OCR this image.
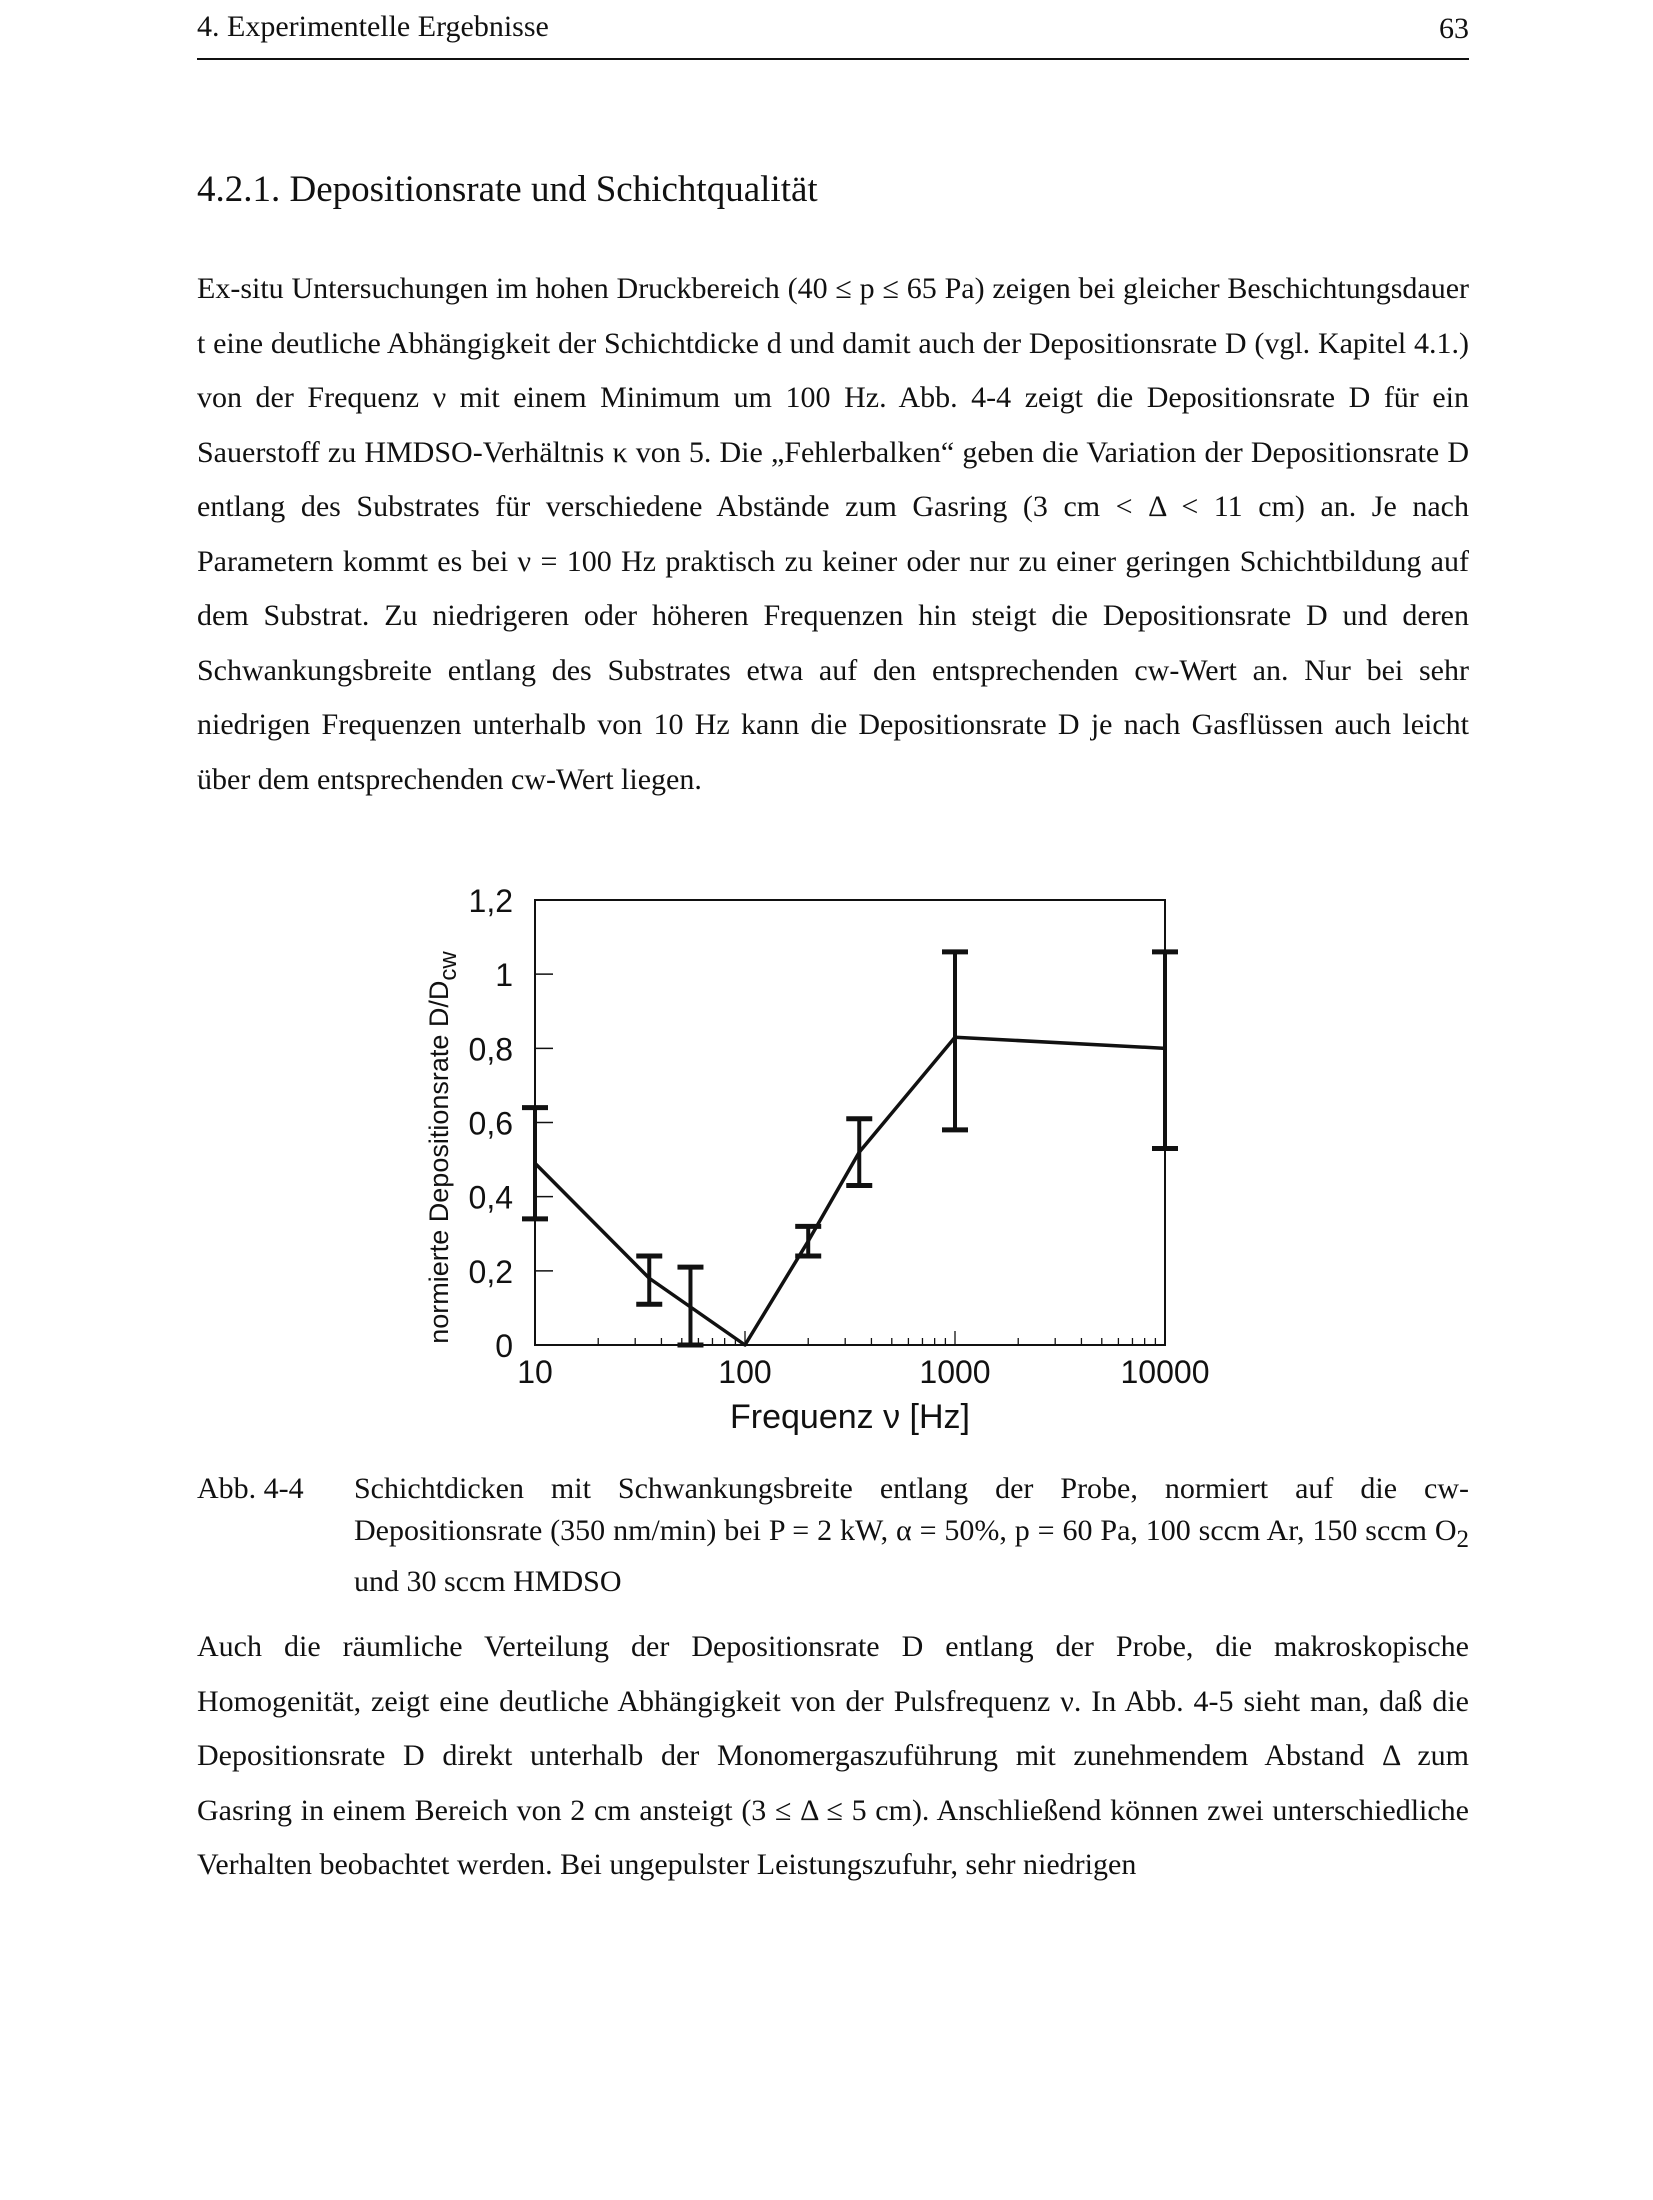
4. Experimentelle Ergebnisse	63
4.2.1. Depositionsrate und Schichtqualität

Ex-situ Untersuchungen im hohen Druckbereich (40 ≤ p ≤ 65 Pa) zeigen bei gleicher Beschichtungsdauer t eine deutliche Abhängigkeit der Schichtdicke d und damit auch der Depositionsrate D (vgl. Kapitel 4.1.) von der Frequenz ν mit einem Minimum um 100 Hz. Abb. 4-4 zeigt die Depositionsrate D für ein Sauerstoff zu HMDSO-Verhältnis κ von 5. Die „Fehlerbalken“ geben die Variation der Depositionsrate D entlang des Substrates für verschiedene Abstände zum Gasring (3 cm < Δ < 11 cm) an. Je nach Parametern kommt es bei ν = 100 Hz praktisch zu keiner oder nur zu einer geringen Schichtbildung auf dem Substrat. Zu niedrigeren oder höheren Frequenzen hin steigt die Depositionsrate D und deren Schwankungsbreite entlang des Substrates etwa auf den entsprechenden cw-Wert an. Nur bei sehr niedrigen Frequenzen unterhalb von 10 Hz kann die Depositionsrate D je nach Gasflüssen auch leicht über dem entsprechenden cw-Wert liegen.

0
0,2
0,4
0,6
0,8
1
1,2
10	100	1000	10000
Frequenz ν [Hz]
normierte Depositionsrate D/Dcw
Abb. 4-4 Schichtdicken mit Schwankungsbreite entlang der Probe, normiert auf die cw-Depositionsrate (350 nm/min) bei P = 2 kW, α = 50%, p = 60 Pa, 100 sccm Ar, 150 sccm $O_2$ und 30 sccm HMDSO

Auch die räumliche Verteilung der Depositionsrate D entlang der Probe, die makroskopische Homogenität, zeigt eine deutliche Abhängigkeit von der Pulsfrequenz ν. In Abb. 4-5 sieht man, daß die Depositionsrate D direkt unterhalb der Monomergaszuführung mit zunehmendem Abstand Δ zum Gasring in einem Bereich von 2 cm ansteigt (3 ≤ Δ ≤ 5 cm). Anschließend können zwei unterschiedliche Verhalten beobachtet werden. Bei ungepulster Leistungszufuhr, sehr niedrigen
